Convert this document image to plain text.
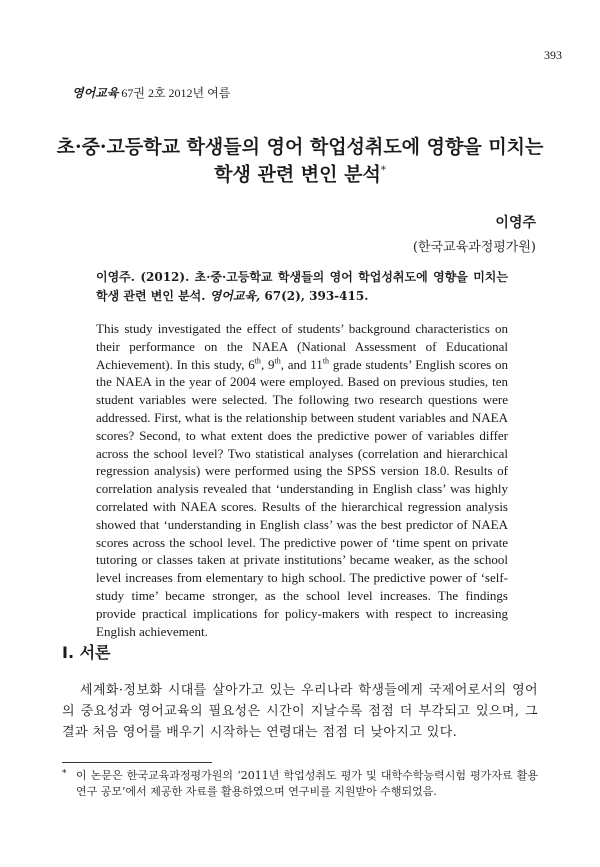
393
영어교육 67권 2호 2012년 여름
초·중·고등학교 학생들의 영어 학업성취도에 영향을 미치는
학생 관련 변인 분석*
이영주
(한국교육과정평가원)
이영주. (2012). 초·중·고등학교 학생들의 영어 학업성취도에 영향을 미치는 학생 관련 변인 분석. 영어교육, 67(2), 393-415.
This study investigated the effect of students’ background characteristics on their performance on the NAEA (National Assessment of Educational Achievement). In this study, 6th, 9th, and 11th grade students’ English scores on the NAEA in the year of 2004 were employed. Based on previous studies, ten student variables were selected. The following two research questions were addressed. First, what is the relationship between student variables and NAEA scores? Second, to what extent does the predictive power of variables differ across the school level? Two statistical analyses (correlation and hierarchical regression analysis) were performed using the SPSS version 18.0. Results of correlation analysis revealed that ‘understanding in English class’ was highly correlated with NAEA scores. Results of the hierarchical regression analysis showed that ‘understanding in English class’ was the best predictor of NAEA scores across the school level. The predictive power of ‘time spent on private tutoring or classes taken at private institutions’ became weaker, as the school level increases from elementary to high school. The predictive power of ‘self-study time’ became stronger, as the school level increases. The findings provide practical implications for policy-makers with respect to increasing English achievement.
I. 서론
세계화·정보화 시대를 살아가고 있는 우리나라 학생들에게 국제어로서의 영어의 중요성과 영어교육의 필요성은 시간이 지날수록 점점 더 부각되고 있으며, 그 결과 처음 영어를 배우기 시작하는 연령대는 점점 더 낮아지고 있다.
* 이 논문은 한국교육과정평가원의 ‘2011년 학업성취도 평가 및 대학수학능력시험 평가자료 활용연구 공모’에서 제공한 자료를 활용하였으며 연구비를 지원받아 수행되었음.
